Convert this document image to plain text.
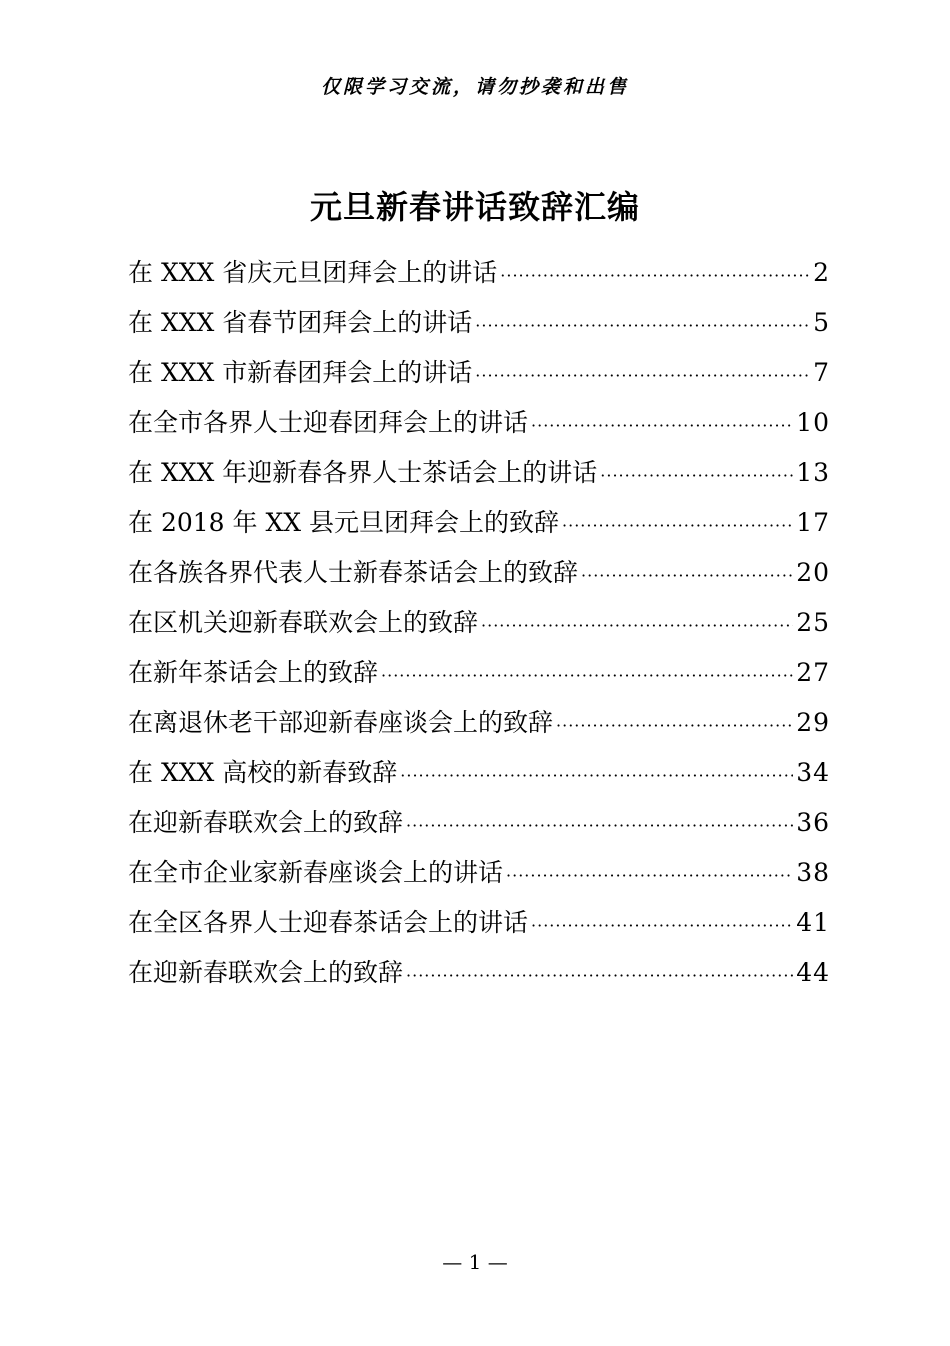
仅限学习交流，请勿抄袭和出售
元旦新春讲话致辞汇编
在 XXX 省庆元旦团拜会上的讲话 ·····	2
在 XXX 省春节团拜会上的讲话 ·····	5
在 XXX 市新春团拜会上的讲话 ·····	7
在全市各界人士迎春团拜会上的讲话 ·····	10
在 XXX 年迎新春各界人士茶话会上的讲话 ·····	13
在 2018 年 XX 县元旦团拜会上的致辞 ·····	17
在各族各界代表人士新春茶话会上的致辞 ·····	20
在区机关迎新春联欢会上的致辞 ·····	25
在新年茶话会上的致辞 ·····	27
在离退休老干部迎新春座谈会上的致辞 ·····	29
在 XXX 高校的新春致辞 ·····	34
在迎新春联欢会上的致辞 ·····	36
在全市企业家新春座谈会上的讲话 ·····	38
在全区各界人士迎春茶话会上的讲话 ·····	41
在迎新春联欢会上的致辞 ·····	44
— 1 —
